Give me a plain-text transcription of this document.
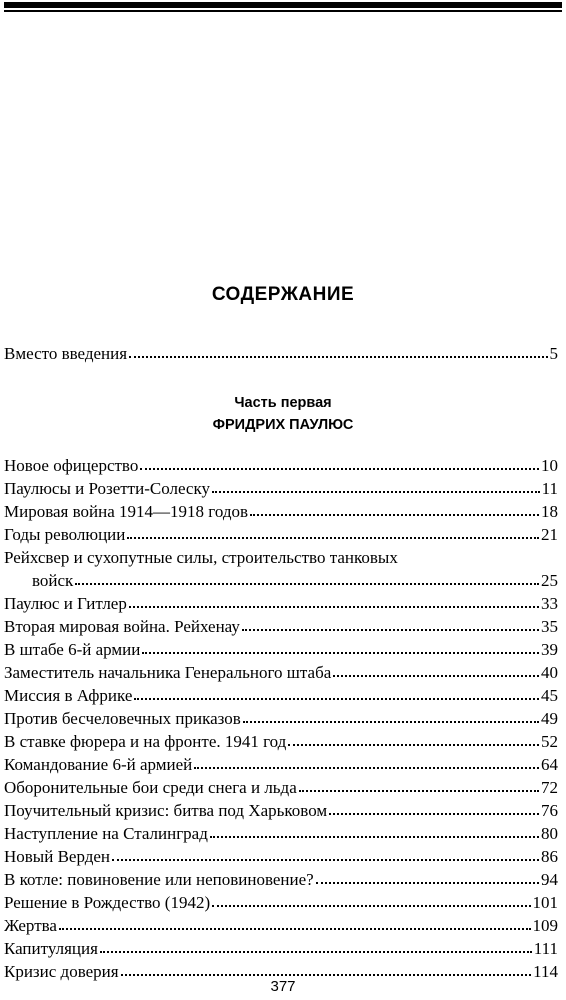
СОДЕРЖАНИЕ
Вместо введения	5
Часть первая
ФРИДРИХ ПАУЛЮС
Новое офицерство	10
Паулюсы и Розетти-Солеску	11
Мировая война 1914—1918 годов	18
Годы революции	21
Рейхсвер и сухопутные силы, строительство танковых
войск	25
Паулюс и Гитлер	33
Вторая мировая война. Рейхенау	35
В штабе 6-й армии	39
Заместитель начальника Генерального штаба	40
Миссия в Африке	45
Против бесчеловечных приказов	49
В ставке фюрера и на фронте. 1941 год	52
Командование 6-й армией	64
Оборонительные бои среди снега и льда	72
Поучительный кризис: битва под Харьковом	76
Наступление на Сталинград	80
Новый Верден	86
В котле: повиновение или неповиновение?	94
Решение в Рождество (1942)	101
Жертва	109
Капитуляция	111
Кризис доверия	114
377
